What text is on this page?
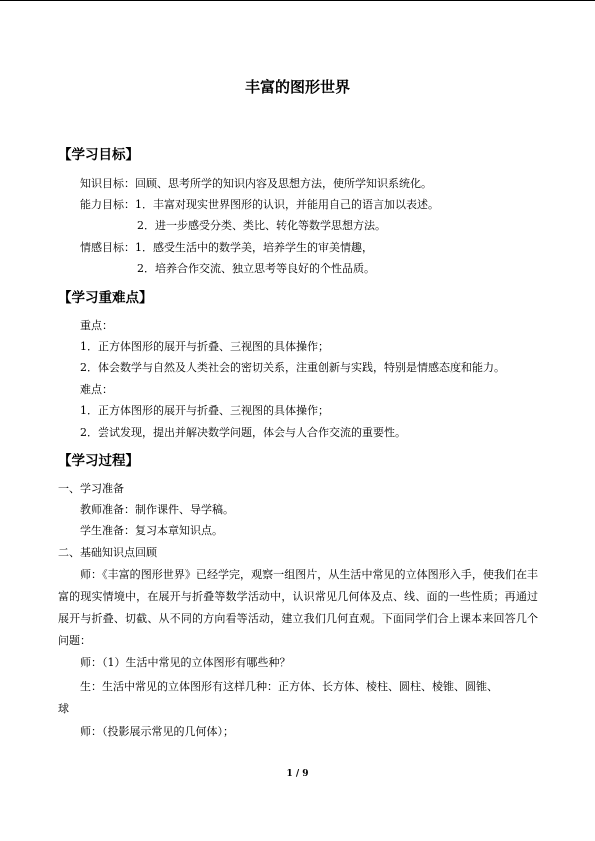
丰富的图形世界
【学习目标】
知识目标：回顾、思考所学的知识内容及思想方法，使所学知识系统化。
能力目标：1．丰富对现实世界图形的认识，并能用自己的语言加以表述。
2．进一步感受分类、类比、转化等数学思想方法。
情感目标：1．感受生活中的数学美，培养学生的审美情趣，
2．培养合作交流、独立思考等良好的个性品质。
【学习重难点】
重点：
1．正方体图形的展开与折叠、三视图的具体操作；
2．体会数学与自然及人类社会的密切关系，注重创新与实践，特别是情感态度和能力。
难点：
1．正方体图形的展开与折叠、三视图的具体操作；
2．尝试发现，提出并解决数学问题，体会与人合作交流的重要性。
【学习过程】
一、学习准备
教师准备：制作课件、导学稿。
学生准备：复习本章知识点。
二、基础知识点回顾

师：《丰富的图形世界》已经学完，观察一组图片，从生活中常见的立体图形入手，使我们在丰富的现实情境中，在展开与折叠等数学活动中，认识常见几何体及点、线、面的一些性质；再通过展开与折叠、切截、从不同的方向看等活动，建立我们几何直观。下面同学们合上课本来回答几个问题：

师：（1）生活中常见的立体图形有哪些种？
生：生活中常见的立体图形有这样几种：正方体、长方体、棱柱、圆柱、棱锥、圆锥、
球
师：（投影展示常见的几何体）；
1 / 9
